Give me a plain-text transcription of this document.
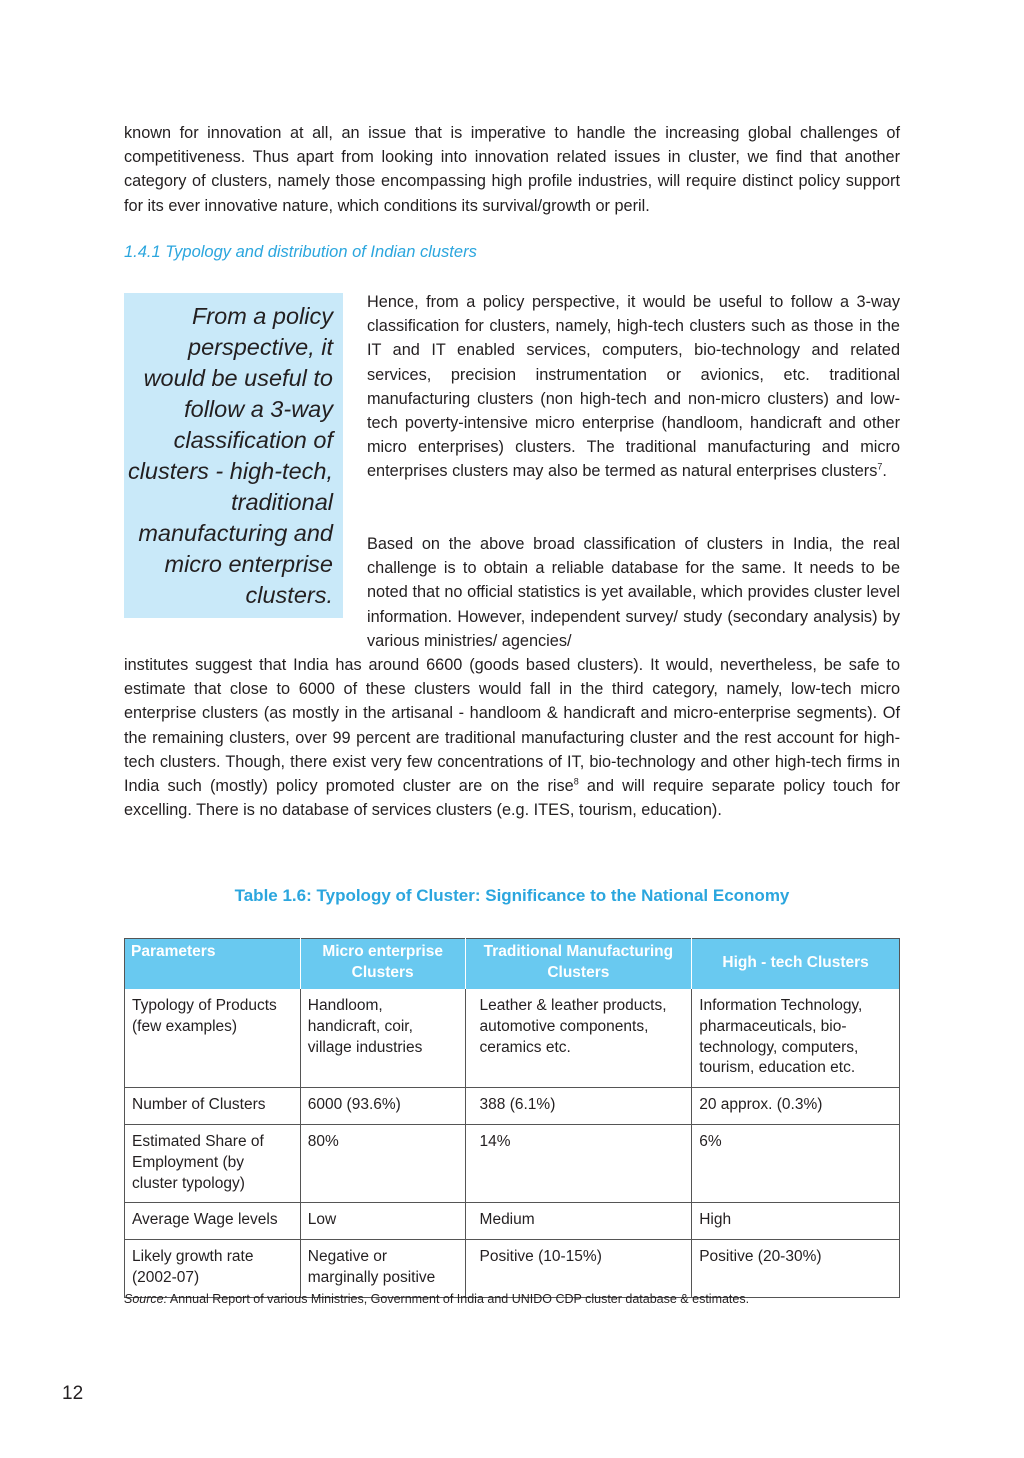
known for innovation at all, an issue that is imperative to handle the increasing global challenges of competitiveness. Thus apart from looking into innovation related issues in cluster, we find that another category of clusters, namely those encompassing high profile industries, will require distinct policy support for its ever innovative nature, which conditions its survival/growth or peril.

1.4.1 Typology and distribution of Indian clusters
From a policy perspective, it would be useful to follow a 3-way classification of clusters - high-tech, traditional manufacturing and micro enterprise clusters.

Hence, from a policy perspective, it would be useful to follow a 3-way classification for clusters, namely, high-tech clusters such as those in the IT and IT enabled services, computers, bio-technology and related services, precision instrumentation or avionics, etc. traditional manufacturing clusters (non high-tech and non-micro clusters) and low-tech poverty-intensive micro enterprise (handloom, handicraft and other micro enterprises) clusters. The traditional manufacturing and micro enterprises clusters may also be termed as natural enterprises clusters$^7$.

Based on the above broad classification of clusters in India, the real challenge is to obtain a reliable database for the same. It needs to be noted that no official statistics is yet available, which provides cluster level information. However, independent survey/ study (secondary analysis) by various ministries/ agencies/

institutes suggest that India has around 6600 (goods based clusters). It would, nevertheless, be safe to estimate that close to 6000 of these clusters would fall in the third category, namely, low-tech micro enterprise clusters (as mostly in the artisanal - handloom & handicraft and micro-enterprise segments). Of the remaining clusters, over 99 percent are traditional manufacturing cluster and the rest account for high-tech clusters. Though, there exist very few concentrations of IT, bio-technology and other high-tech firms in India such (mostly) policy promoted cluster are on the rise$^8$ and will require separate policy touch for excelling. There is no database of services clusters (e.g. ITES, tourism, education).

Table 1.6: Typology of Cluster: Significance to the National Economy
Parameters	Micro enterprise Clusters	Traditional Manufacturing Clusters	High - tech Clusters
Typology of Products (few examples)	Handloom, handicraft, coir, village industries	Leather & leather products, automotive components, ceramics etc.	Information Technology, pharmaceuticals, bio-technology, computers, tourism, education etc.
Number of Clusters	6000 (93.6%)	388 (6.1%)	20 approx. (0.3%)
Estimated Share of Employment (by cluster typology)	80%	14%	6%
Average Wage levels	Low	Medium	High
Likely growth rate (2002-07)	Negative or marginally positive	Positive (10-15%)	Positive (20-30%)
Source: Annual Report of various Ministries, Government of India and UNIDO CDP cluster database & estimates.
12
